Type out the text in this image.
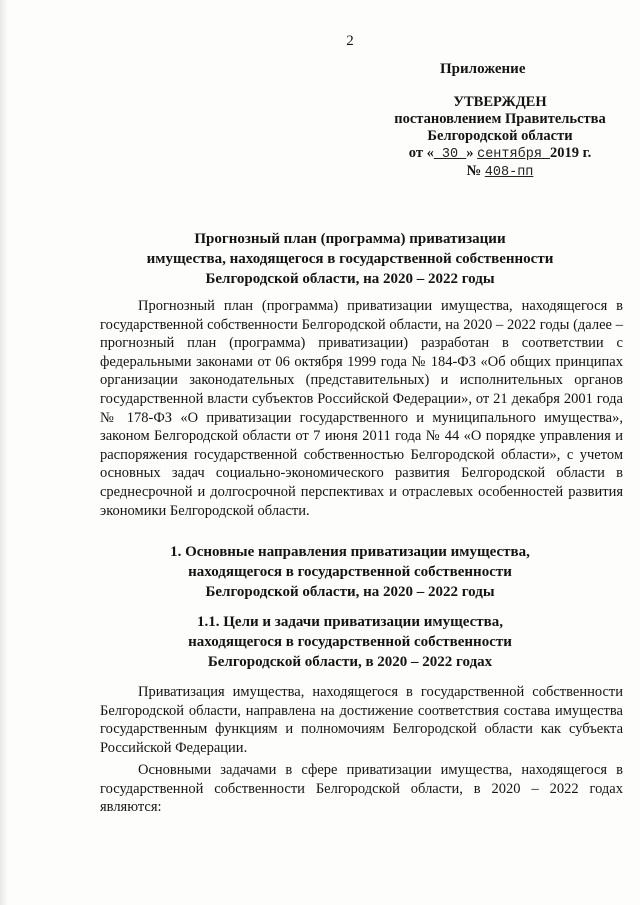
2
Приложение
УТВЕРЖДЕН
постановлением Правительства
Белгородской области
от « 30 » сентября 2019 г.
№ 408-пп
Прогнозный план (программа) приватизации
имущества, находящегося в государственной собственности
Белгородской области, на 2020 – 2022 годы
Прогнозный план (программа) приватизации имущества, находящегося в государственной собственности Белгородской области, на 2020 – 2022 годы (далее – прогнозный план (программа) приватизации) разработан в соответствии с федеральными законами от 06 октября 1999 года № 184-ФЗ «Об общих принципах организации законодательных (представительных) и исполнительных органов государственной власти субъектов Российской Федерации», от 21 декабря 2001 года № 178-ФЗ «О приватизации государственного и муниципального имущества», законом Белгородской области от 7 июня 2011 года № 44 «О порядке управления и распоряжения государственной собственностью Белгородской области», с учетом основных задач социально-экономического развития Белгородской области в среднесрочной и долгосрочной перспективах и отраслевых особенностей развития экономики Белгородской области.
1. Основные направления приватизации имущества,
находящегося в государственной собственности
Белгородской области, на 2020 – 2022 годы
1.1. Цели и задачи приватизации имущества,
находящегося в государственной собственности
Белгородской области, в 2020 – 2022 годах
Приватизация имущества, находящегося в государственной собственности Белгородской области, направлена на достижение соответствия состава имущества государственным функциям и полномочиям Белгородской области как субъекта Российской Федерации.
Основными задачами в сфере приватизации имущества, находящегося в государственной собственности Белгородской области, в 2020 – 2022 годах являются:
